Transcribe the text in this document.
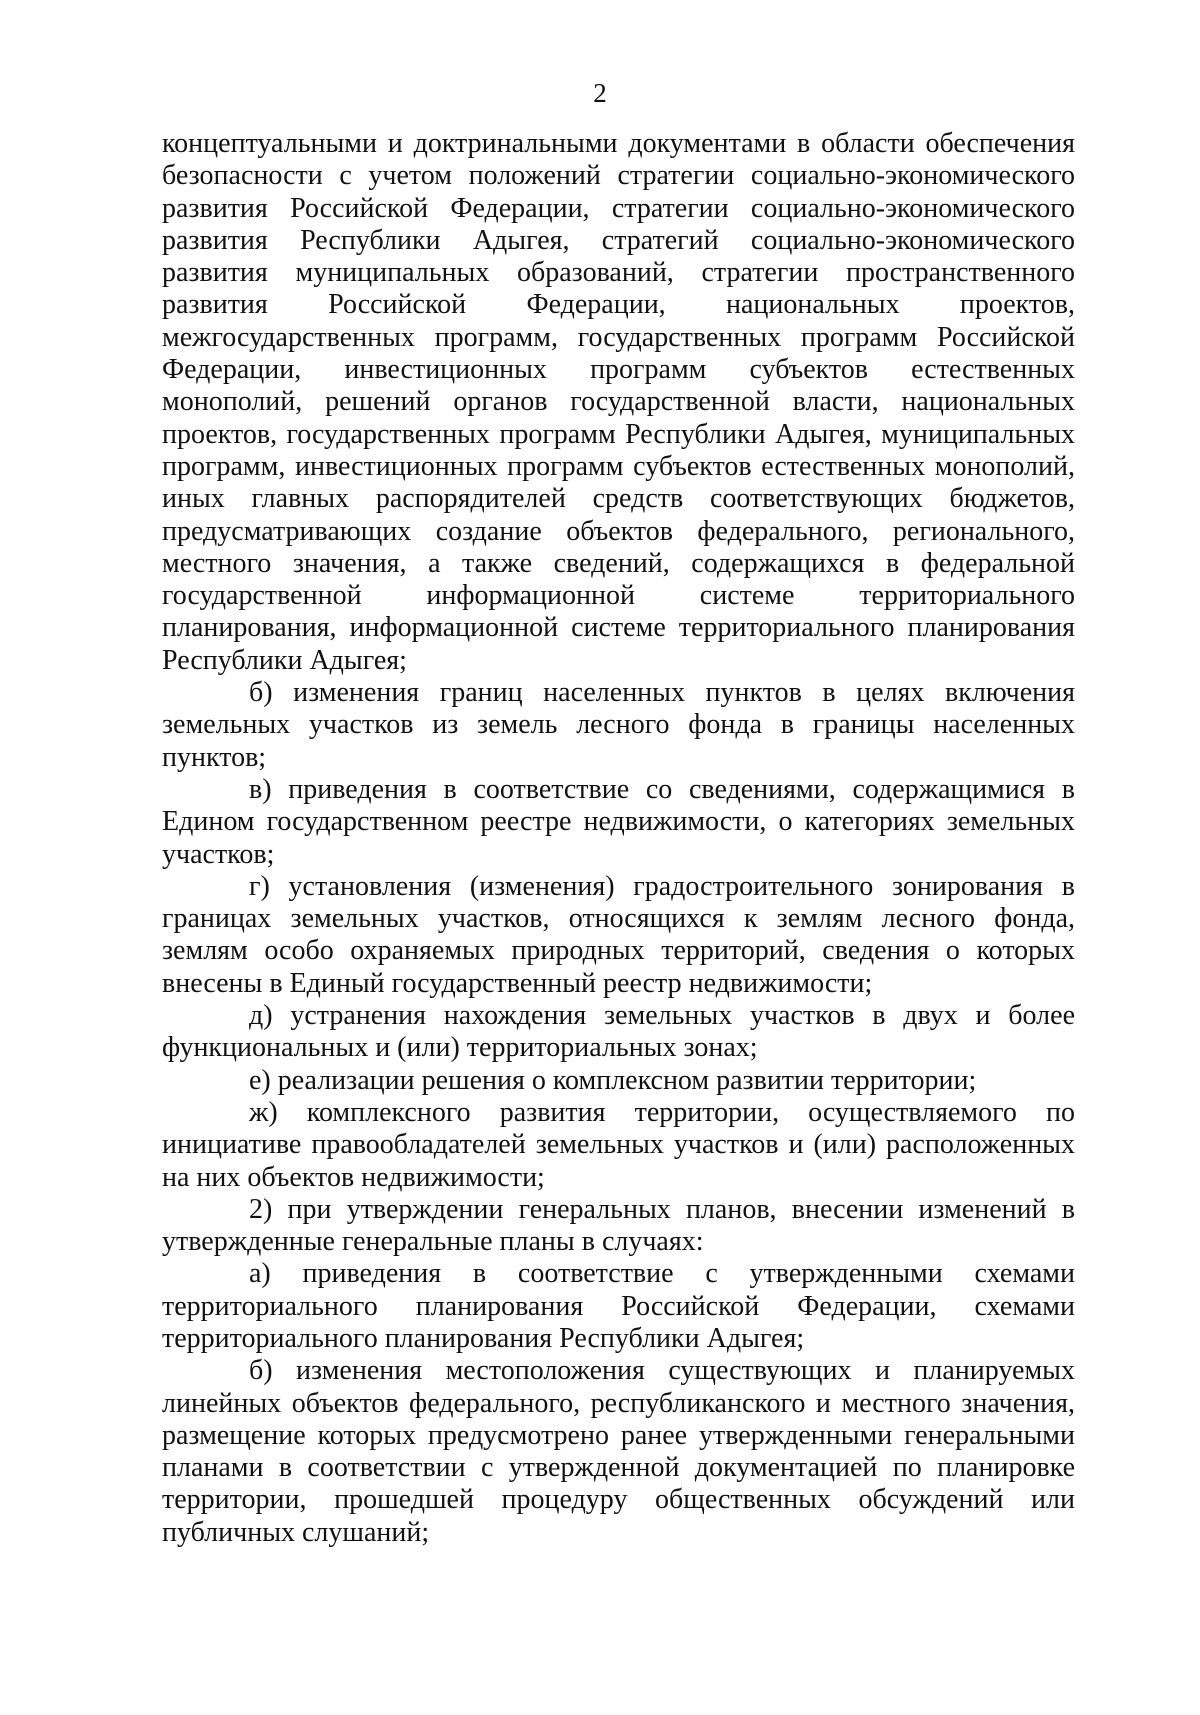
2

концептуальными и доктринальными документами в области обеспечения безопасности с учетом положений стратегии социально-экономического развития Российской Федерации, стратегии социально-экономического развития Республики Адыгея, стратегий социально-экономического развития муниципальных образований, стратегии пространственного развития Российской Федерации, национальных проектов, межгосударственных программ, государственных программ Российской Федерации, инвестиционных программ субъектов естественных монополий, решений органов государственной власти, национальных проектов, государственных программ Республики Адыгея, муниципальных программ, инвестиционных программ субъектов естественных монополий, иных главных распорядителей средств соответствующих бюджетов, предусматривающих создание объектов федерального, регионального, местного значения, а также сведений, содержащихся в федеральной государственной информационной системе территориального планирования, информационной системе территориального планирования Республики Адыгея;

б) изменения границ населенных пунктов в целях включения земельных участков из земель лесного фонда в границы населенных пунктов;

в) приведения в соответствие со сведениями, содержащимися в Едином государственном реестре недвижимости, о категориях земельных участков;

г) установления (изменения) градостроительного зонирования в границах земельных участков, относящихся к землям лесного фонда, землям особо охраняемых природных территорий, сведения о которых внесены в Единый государственный реестр недвижимости;

д) устранения нахождения земельных участков в двух и более функциональных и (или) территориальных зонах;

е) реализации решения о комплексном развитии территории;

ж) комплексного развития территории, осуществляемого по инициативе правообладателей земельных участков и (или) расположенных на них объектов недвижимости;

2) при утверждении генеральных планов, внесении изменений в утвержденные генеральные планы в случаях:

а) приведения в соответствие с утвержденными схемами территориального планирования Российской Федерации, схемами территориального планирования Республики Адыгея;

б) изменения местоположения существующих и планируемых линейных объектов федерального, республиканского и местного значения, размещение которых предусмотрено ранее утвержденными генеральными планами в соответствии с утвержденной документацией по планировке территории, прошедшей процедуру общественных обсуждений или публичных слушаний;
